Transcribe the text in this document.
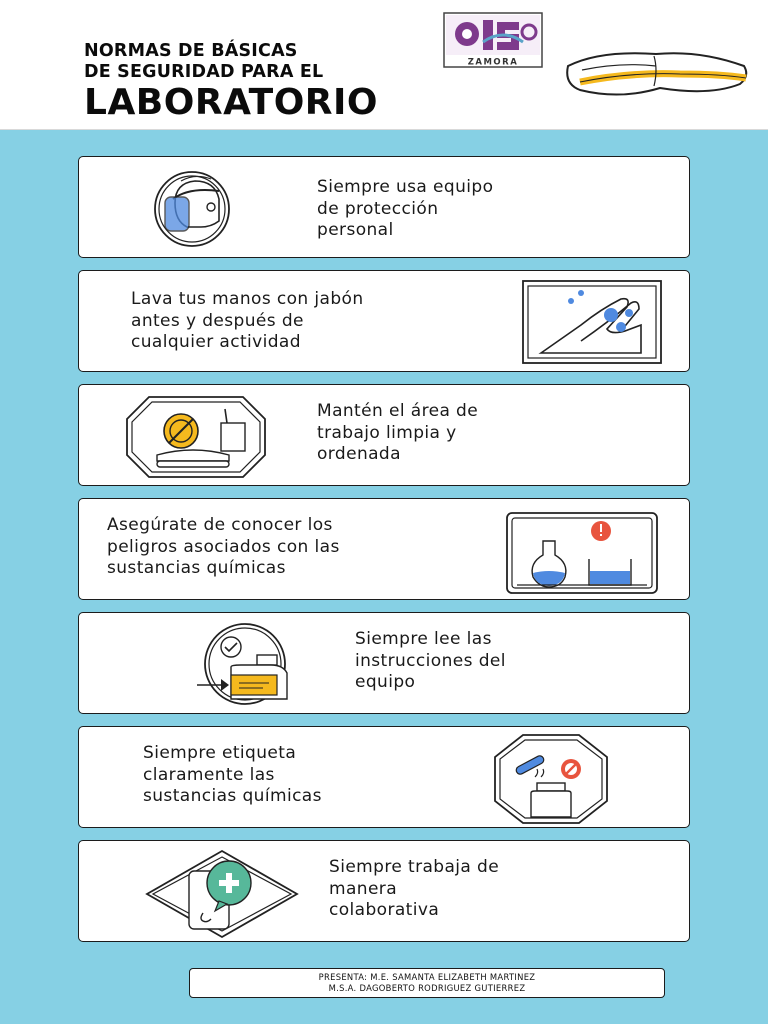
NORMAS DE BÁSICAS
DE SEGURIDAD PARA EL
LABORATORIO
ZAMORA
Siempre usa equipo
de protección
personal
Lava tus manos con jabón
antes y después de
cualquier actividad
Mantén el área de
trabajo limpia y
ordenada
Asegúrate de conocer los
peligros asociados con las
sustancias químicas
Siempre lee las
instrucciones del
equipo
Siempre etiqueta
claramente las
sustancias químicas
Siempre trabaja de
manera
colaborativa
PRESENTA: M.E. SAMANTA ELIZABETH MARTINEZ
M.S.A. DAGOBERTO RODRIGUEZ GUTIERREZ
